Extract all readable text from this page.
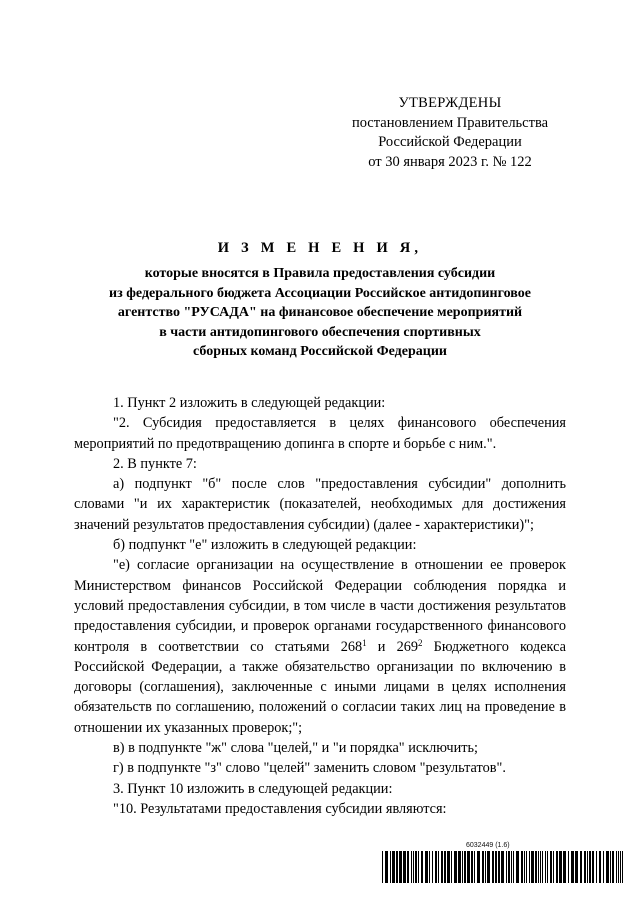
УТВЕРЖДЕНЫ
постановлением Правительства
Российской Федерации
от 30 января 2023 г. № 122
И З М Е Н Е Н И Я,
которые вносятся в Правила предоставления субсидии
из федерального бюджета Ассоциации Российское антидопинговое
агентство "РУСАДА" на финансовое обеспечение мероприятий
в части антидопингового обеспечения спортивных
сборных команд Российской Федерации

1. Пункт 2 изложить в следующей редакции:

"2. Субсидия предоставляется в целях финансового обеспечения мероприятий по предотвращению допинга в спорте и борьбе с ним.".

2. В пункте 7:

а) подпункт "б" после слов "предоставления субсидии" дополнить словами "и их характеристик (показателей, необходимых для достижения значений результатов предоставления субсидии) (далее - характеристики)";

б) подпункт "е" изложить в следующей редакции:

"е) согласие организации на осуществление в отношении ее проверок Министерством финансов Российской Федерации соблюдения порядка и условий предоставления субсидии, в том числе в части достижения результатов предоставления субсидии, и проверок органами государственного финансового контроля в соответствии со статьями $268^1$ и $269^2$ Бюджетного кодекса Российской Федерации, а также обязательство организации по включению в договоры (соглашения), заключенные с иными лицами в целях исполнения обязательств по соглашению, положений о согласии таких лиц на проведение в отношении их указанных проверок;";

в) в подпункте "ж" слова "целей," и "и порядка" исключить;

г) в подпункте "з" слово "целей" заменить словом "результатов".

3. Пункт 10 изложить в следующей редакции:

"10. Результатами предоставления субсидии являются:

6032449 (1.6)
